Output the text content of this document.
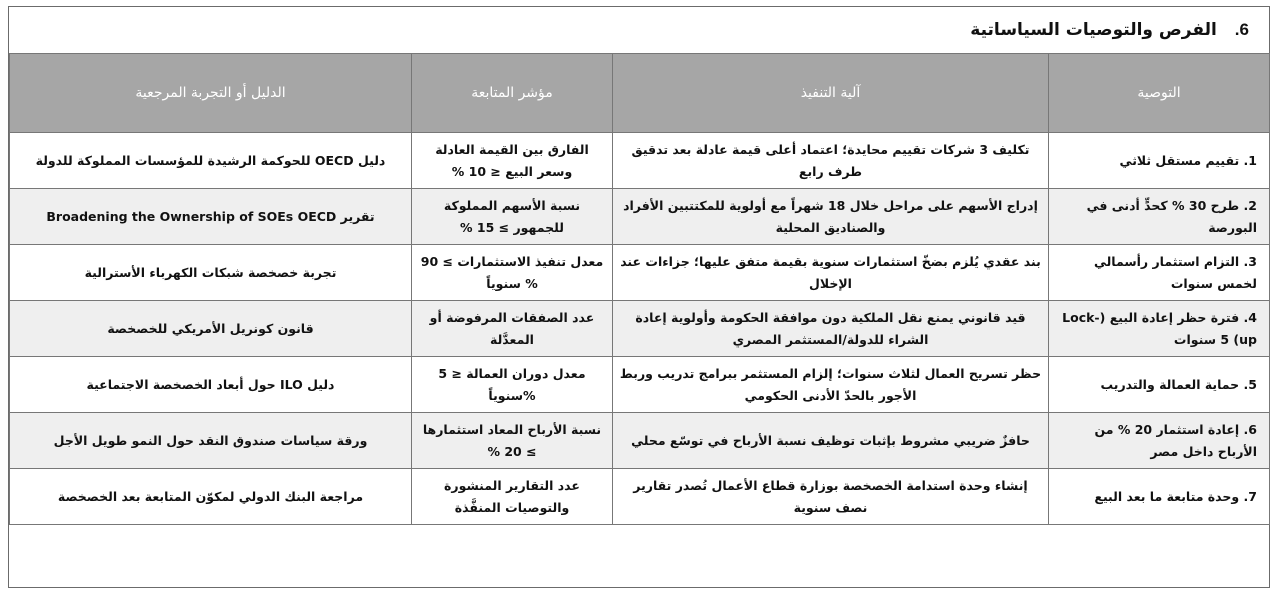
6.
الفرص والتوصيات السياساتية
التوصية	آلية التنفيذ	مؤشر المتابعة	الدليل أو التجربة المرجعية
1. تقييم مستقل ثلاثي	تكليف 3 شركات تقييم محايدة؛ اعتماد أعلى قيمة عادلة بعد تدقيق طرف رابع	الفارق بين القيمة العادلة وسعر البيع ≤ 10 %	دليل OECD للحوكمة الرشيدة للمؤسسات المملوكة للدولة
2. طرح 30 % كحدٍّ أدنى في البورصة	إدراج الأسهم على مراحل خلال 18 شهراً مع أولوية للمكتتبين الأفراد والصناديق المحلية	نسبة الأسهم المملوكة للجمهور ≥ 15 %	تقرير Broadening the Ownership of SOEs OECD
3. التزام استثمار رأسمالي لخمس سنوات	بند عقدي يُلزم بضخّ استثمارات سنوية بقيمة متفق عليها؛ جزاءات عند الإخلال	معدل تنفيذ الاستثمارات ≥ 90 % سنوياً	تجربة خصخصة شبكات الكهرباء الأسترالية
4. فترة حظر إعادة البيع (Lock-up) 5 سنوات	قيد قانوني يمنع نقل الملكية دون موافقة الحكومة وأولوية إعادة الشراء للدولة/المستثمر المصري	عدد الصفقات المرفوضة أو المعدَّلة	قانون كونريل الأمريكي للخصخصة
5. حماية العمالة والتدريب	حظر تسريح العمال لثلاث سنوات؛ إلزام المستثمر ببرامج تدريب وربط الأجور بالحدّ الأدنى الحكومي	معدل دوران العمالة ≤ 5 %سنوياً	دليل ILO حول أبعاد الخصخصة الاجتماعية
6. إعادة استثمار 20 % من الأرباح داخل مصر	حافزٌ ضريبي مشروط بإثبات توظيف نسبة الأرباح في توسّع محلي	نسبة الأرباح المعاد استثمارها ≥ 20 %	ورقة سياسات صندوق النقد حول النمو طويل الأجل
7. وحدة متابعة ما بعد البيع	إنشاء وحدة استدامة الخصخصة بوزارة قطاع الأعمال تُصدر تقارير نصف سنوية	عدد التقارير المنشورة والتوصيات المنفَّذة	مراجعة البنك الدولي لمكوّن المتابعة بعد الخصخصة
